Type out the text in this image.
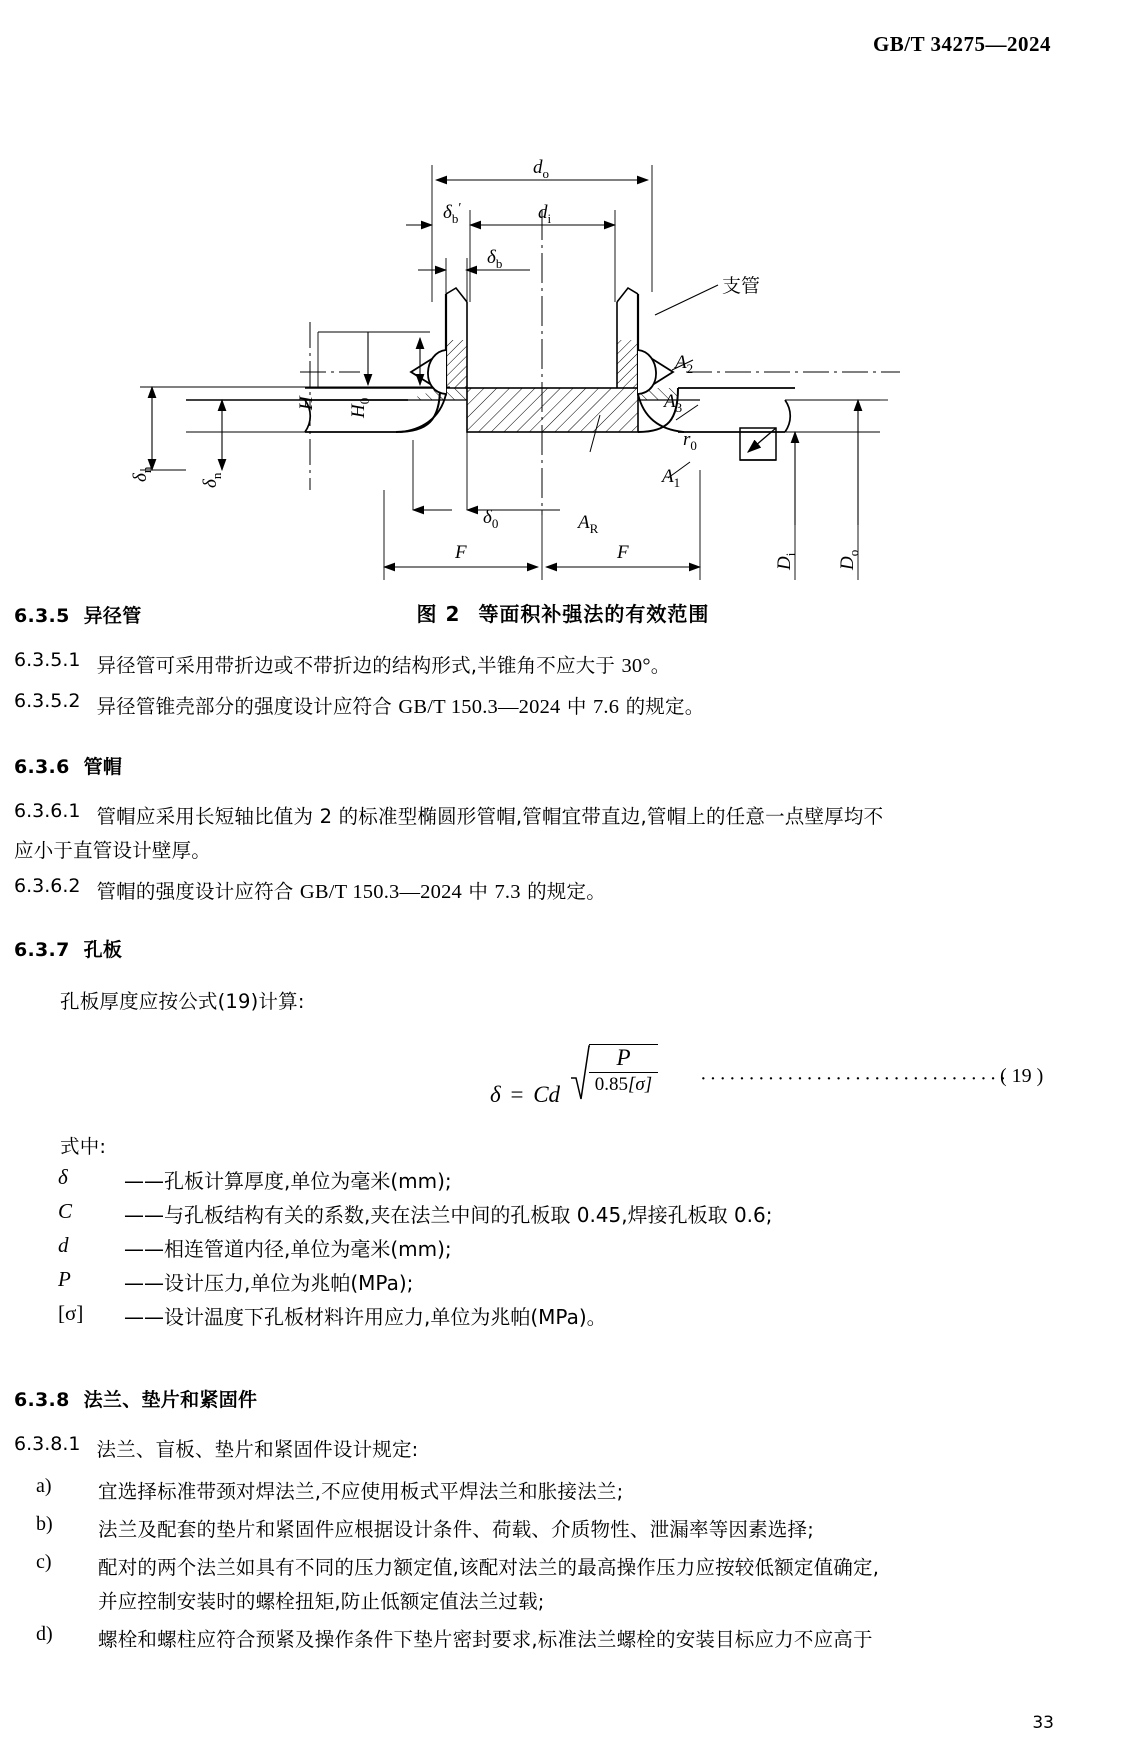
GB/T 34275—2024
$d_o$
$d_i$
$\delta_b'$
$\delta_b$
$A_2$
$A_3$
$r_0$
$A_1$
$A_R$
$\delta_0$
H
$H_0$
$\delta_n$
$\delta_n$
F	F
$D_i$
$D_o$
支管
图 2 等面积补强法的有效范围
6.3.5 异径管
6.3.5.1 异径管可采用带折边或不带折边的结构形式,半锥角不应大于 30°。
6.3.5.2 异径管锥壳部分的强度设计应符合 GB/T 150.3—2024 中 7.6 的规定。
6.3.6 管帽
6.3.6.1 管帽应采用长短轴比值为 2 的标准型椭圆形管帽,管帽宜带直边,管帽上的任意一点壁厚均不
应小于直管设计壁厚。
6.3.6.2 管帽的强度设计应符合 GB/T 150.3—2024 中 7.3 的规定。
6.3.7 孔板
孔板厚度应按公式(19)计算:
δ = Cd $\frac{P}{0.85[\sigma]}$ ································
( 19 )
式中:
δ	——孔板计算厚度,单位为毫米(mm);
C	——与孔板结构有关的系数,夹在法兰中间的孔板取 0.45,焊接孔板取 0.6;
d	——相连管道内径,单位为毫米(mm);
P	——设计压力,单位为兆帕(MPa);
[σ]	——设计温度下孔板材料许用应力,单位为兆帕(MPa)。
6.3.8 法兰、垫片和紧固件
6.3.8.1 法兰、盲板、垫片和紧固件设计规定:
a)	宜选择标准带颈对焊法兰,不应使用板式平焊法兰和胀接法兰;
b)	法兰及配套的垫片和紧固件应根据设计条件、荷载、介质物性、泄漏率等因素选择;
c)	配对的两个法兰如具有不同的压力额定值,该配对法兰的最高操作压力应按较低额定值确定,
并应控制安装时的螺栓扭矩,防止低额定值法兰过载;
d)	螺栓和螺柱应符合预紧及操作条件下垫片密封要求,标准法兰螺栓的安装目标应力不应高于
33
